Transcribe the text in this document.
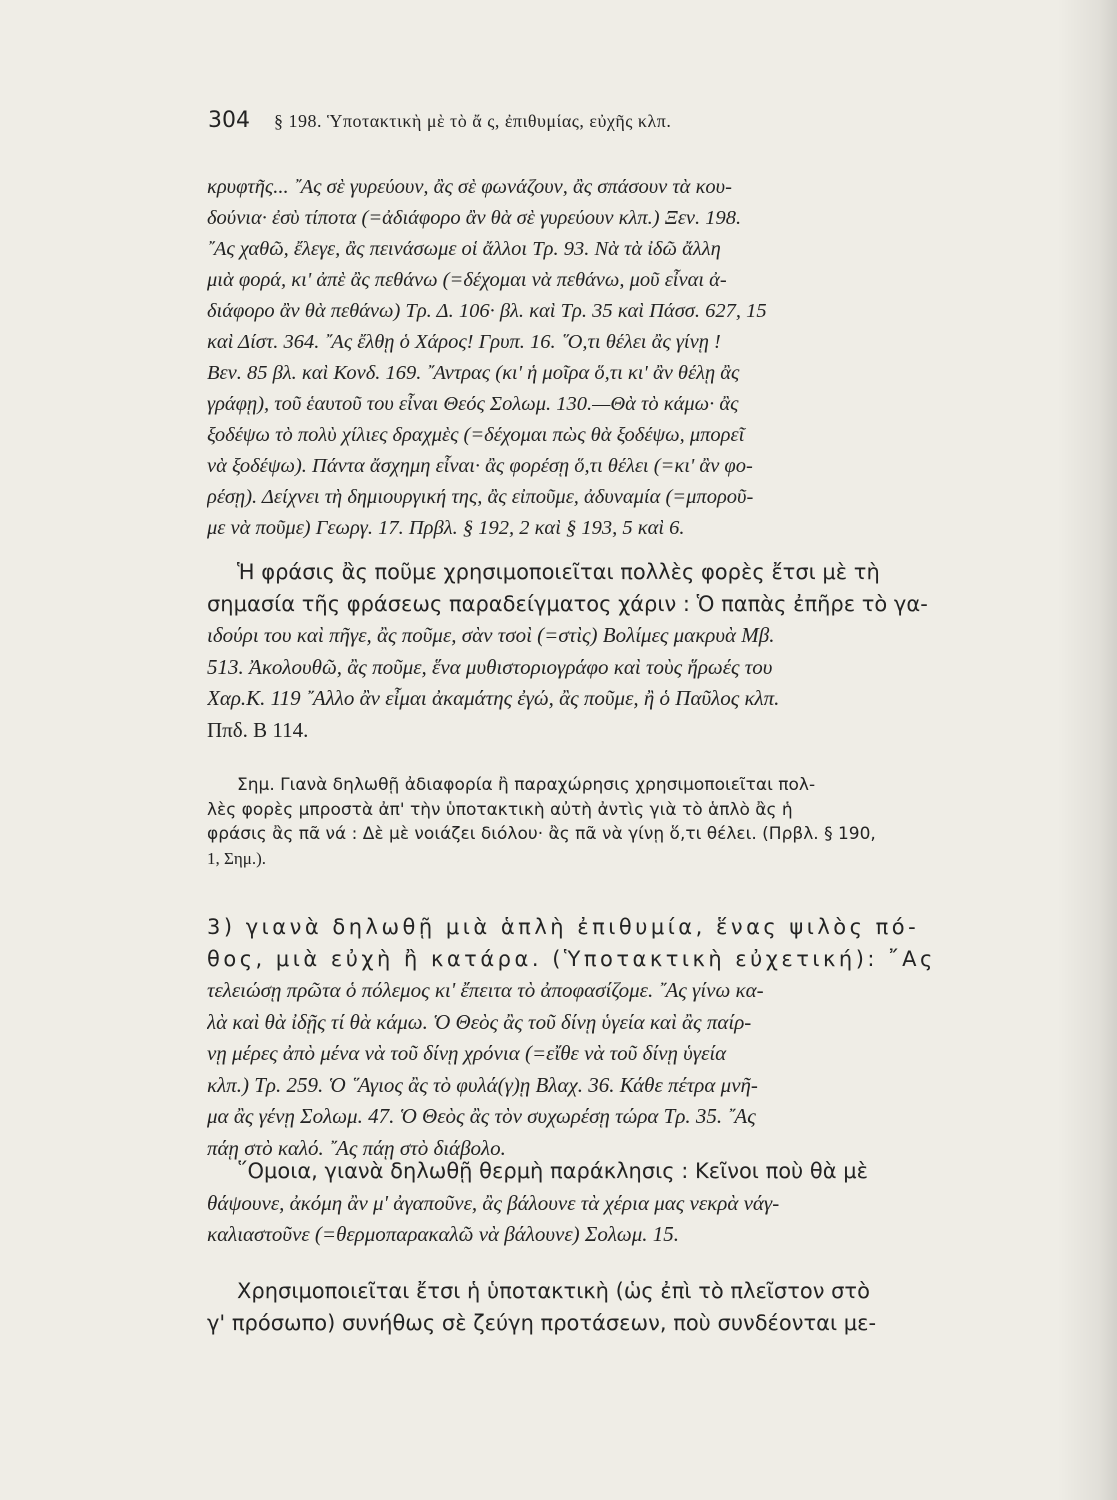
304 § 198. Ὑποτακτικὴ μὲ τὸ ἄ ς, ἐπιθυμίας, εὐχῆς κλπ.
κρυφτῆς... ῎Ας σὲ γυρεύουν, ἂς σὲ φωνάζουν, ἂς σπάσουν τὰ κου-
δούνια· ἐσὺ τίποτα (=ἀδιάφορο ἂν θὰ σὲ γυρεύουν κλπ.) Ξεν. 198.
῎Ας χαθῶ, ἔλεγε, ἂς πεινάσωμε οἱ ἄλλοι Τρ. 93. Νὰ τὰ ἰδῶ ἄλλη
μιὰ φορά, κι' ἀπὲ ἂς πεθάνω (=δέχομαι νὰ πεθάνω, μοῦ εἶναι ἀ-
διάφορο ἂν θὰ πεθάνω) Τρ. Δ. 106· βλ. καὶ Τρ. 35 καὶ Πάσσ. 627, 15
καὶ Δίστ. 364. ῎Ας ἔλθῃ ὁ Χάρος! Γρυπ. 16. ῞Ο,τι θέλει ἂς γίνῃ !
Βεν. 85 βλ. καὶ Κονδ. 169. ῎Αντρας (κι' ἡ μοῖρα ὅ,τι κι' ἂν θέλῃ ἂς
γράφῃ), τοῦ ἑαυτοῦ του εἶναι Θεός Σολωμ. 130.—Θὰ τὸ κάμω· ἂς
ξοδέψω τὸ πολὺ χίλιες δραχμὲς (=δέχομαι πὼς θὰ ξοδέψω, μπορεῖ
νὰ ξοδέψω). Πάντα ἄσχημη εἶναι· ἂς φορέσῃ ὅ,τι θέλει (=κι' ἂν φο-
ρέσῃ). Δείχνει τὴ δημιουργική της, ἂς εἰποῦμε, ἀδυναμία (=μποροῦ-
με νὰ ποῦμε) Γεωργ. 17. Πρβλ. § 192, 2 καὶ § 193, 5 καὶ 6.
Ἡ φράσις ἂς ποῦμε χρησιμοποιεῖται πολλὲς φορὲς ἔτσι μὲ τὴ
σημασία τῆς φράσεως παραδείγματος χάριν : Ὁ παπὰς ἐπῆρε τὸ γα-
ιδούρι του καὶ πῆγε, ἂς ποῦμε, σὰν τσοὶ (=στὶς) Βολίμες μακρυὰ Μβ.
513. Ἀκολουθῶ, ἂς ποῦμε, ἕνα μυθιστοριογράφο καὶ τοὺς ἥρωές του
Χαρ.Κ. 119 ῎Αλλο ἂν εἶμαι ἀκαμάτης ἐγώ, ἂς ποῦμε, ἢ ὁ Παῦλος κλπ.
Ππδ. Β 114.
Σημ. Γιανὰ δηλωθῇ ἀδιαφορία ἢ παραχώρησις χρησιμοποιεῖται πολ-
λὲς φορὲς μπροστὰ ἀπ' τὴν ὑποτακτικὴ αὐτὴ ἀντὶς γιὰ τὸ ἁπλὸ ἂς ἡ
φράσις ἂς πᾶ νά : Δὲ μὲ νοιάζει διόλου· ἂς πᾶ νὰ γίνῃ ὅ,τι θέλει. (Πρβλ. § 190,
1, Σημ.).
3) γιανὰ δηλωθῇ μιὰ ἁπλὴ ἐπιθυμία, ἕνας ψιλὸς πό-
θος, μιὰ εὐχὴ ἢ κατάρα. (Ὑποτακτικὴ εὐχετική): ῎Ας
τελειώσῃ πρῶτα ὁ πόλεμος κι' ἔπειτα τὸ ἀποφασίζομε. ῎Ας γίνω κα-
λὰ καὶ θὰ ἰδῇς τί θὰ κάμω. Ὁ Θεὸς ἂς τοῦ δίνῃ ὑγεία καὶ ἂς παίρ-
νῃ μέρες ἀπὸ μένα νὰ τοῦ δίνῃ χρόνια (=εἴθε νὰ τοῦ δίνῃ ὑγεία
κλπ.) Τρ. 259. Ὁ ῞Αγιος ἂς τὸ φυλά(γ)ῃ Βλαχ. 36. Κάθε πέτρα μνῆ-
μα ἂς γένῃ Σολωμ. 47. Ὁ Θεὸς ἂς τὸν συχωρέσῃ τώρα Τρ. 35. ῎Ας
πάῃ στὸ καλό. ῎Ας πάῃ στὸ διάβολο.
῞Ομοια, γιανὰ δηλωθῇ θερμὴ παράκλησις : Κεῖνοι ποὺ θὰ μὲ
θάψουνε, ἀκόμη ἂν μ' ἀγαποῦνε, ἂς βάλουνε τὰ χέρια μας νεκρὰ νάγ-
καλιαστοῦνε (=θερμοπαρακαλῶ νὰ βάλουνε) Σολωμ. 15.
Χρησιμοποιεῖται ἔτσι ἡ ὑποτακτικὴ (ὡς ἐπὶ τὸ πλεῖστον στὸ
γ' πρόσωπο) συνήθως σὲ ζεύγη προτάσεων, ποὺ συνδέονται με-
